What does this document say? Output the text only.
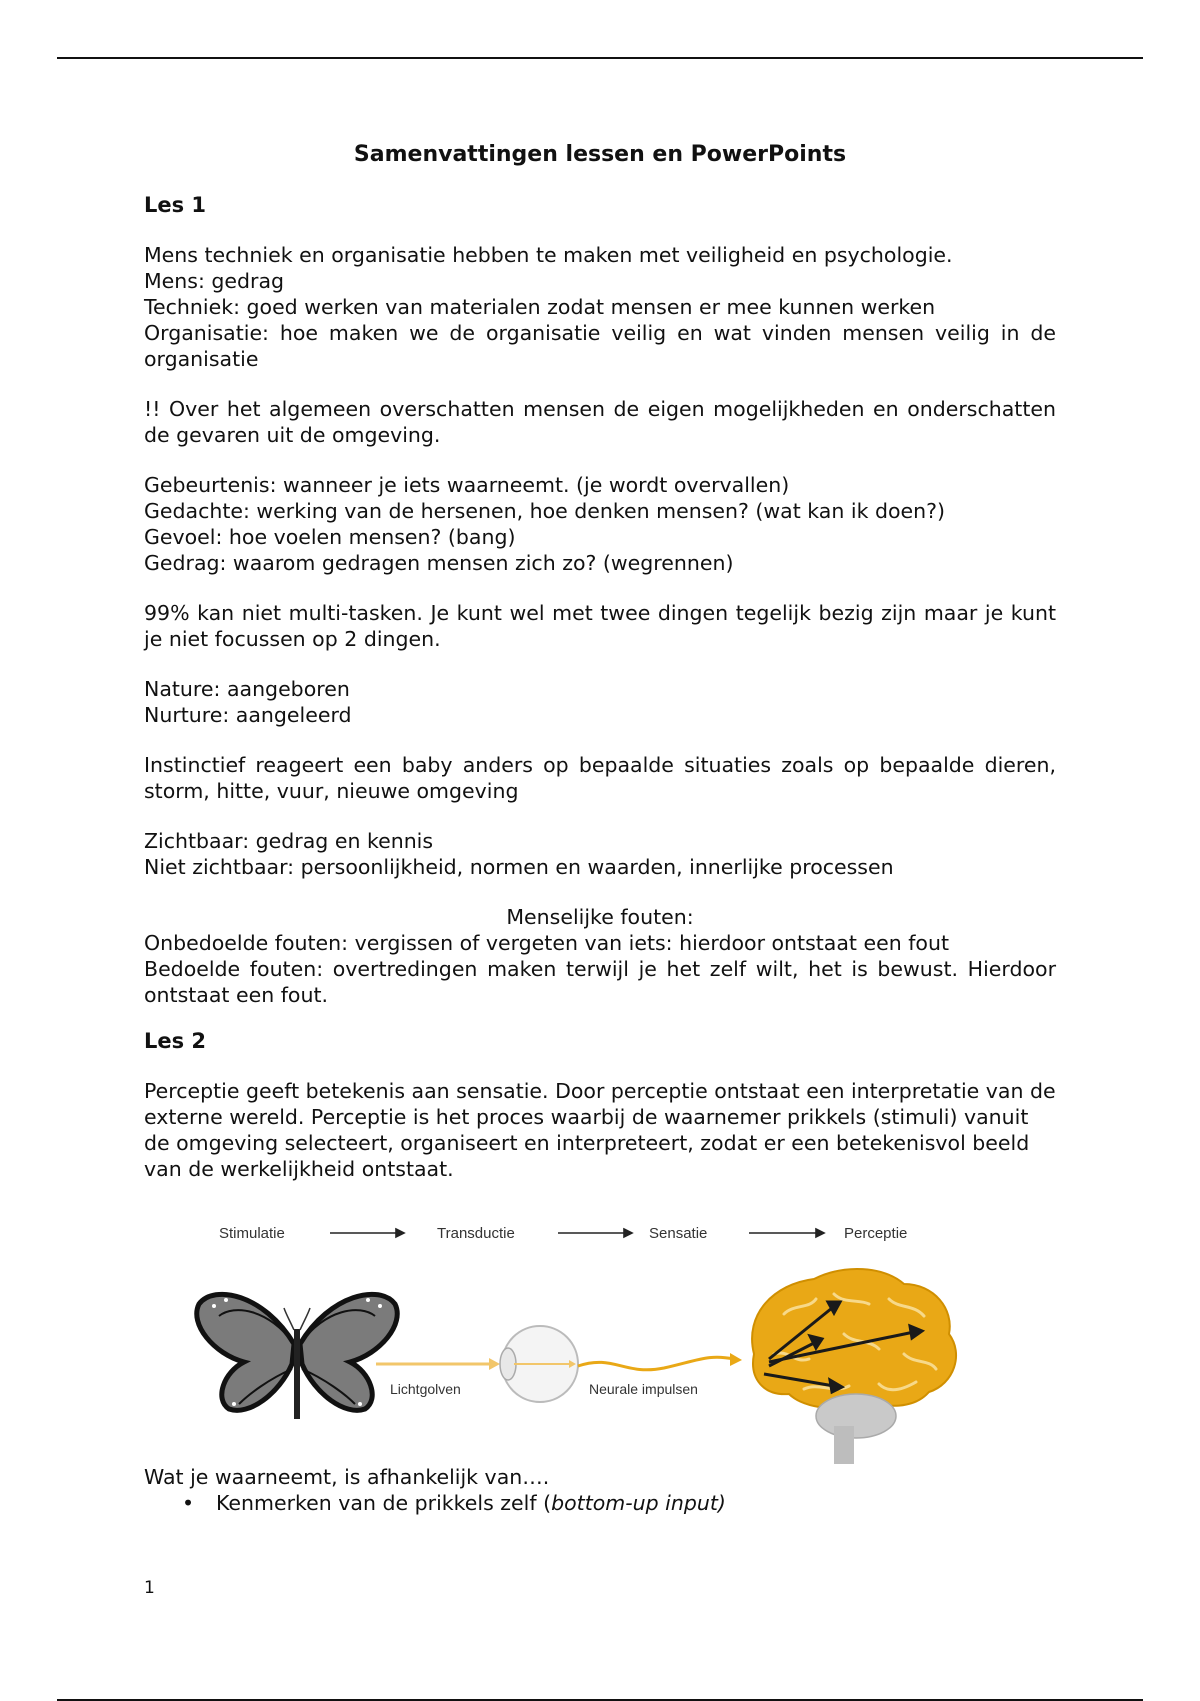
Samenvattingen lessen en PowerPoints
Les 1
Mens techniek en organisatie hebben te maken met veiligheid en psychologie.
Mens: gedrag
Techniek: goed werken van materialen zodat mensen er mee kunnen werken
Organisatie: hoe maken we de organisatie veilig en wat vinden mensen veilig in de organisatie
!! Over het algemeen overschatten mensen de eigen mogelijkheden en onderschatten de gevaren uit de omgeving.
Gebeurtenis: wanneer je iets waarneemt. (je wordt overvallen)
Gedachte: werking van de hersenen, hoe denken mensen? (wat kan ik doen?)
Gevoel: hoe voelen mensen? (bang)
Gedrag: waarom gedragen mensen zich zo? (wegrennen)
99% kan niet multi-tasken. Je kunt wel met twee dingen tegelijk bezig zijn maar je kunt je niet focussen op 2 dingen.
Nature: aangeboren
Nurture: aangeleerd
Instinctief reageert een baby anders op bepaalde situaties zoals op bepaalde dieren, storm, hitte, vuur, nieuwe omgeving
Zichtbaar: gedrag en kennis
Niet zichtbaar: persoonlijkheid, normen en waarden, innerlijke processen
Menselijke fouten:
Onbedoelde fouten: vergissen of vergeten van iets: hierdoor ontstaat een fout
Bedoelde fouten: overtredingen maken terwijl je het zelf wilt, het is bewust. Hierdoor ontstaat een fout.
Les 2
Perceptie geeft betekenis aan sensatie. Door perceptie ontstaat een interpretatie van de externe wereld. Perceptie is het proces waarbij de waarnemer prikkels (stimuli) vanuit de omgeving selecteert, organiseert en interpreteert, zodat er een betekenisvol beeld van de werkelijkheid ontstaat.
Stimulatie	Transductie	Sensatie	Perceptie
Lichtgolven	Neurale impulsen
Wat je waarneemt, is afhankelijk van….
• Kenmerken van de prikkels zelf (bottom-up input)
1
